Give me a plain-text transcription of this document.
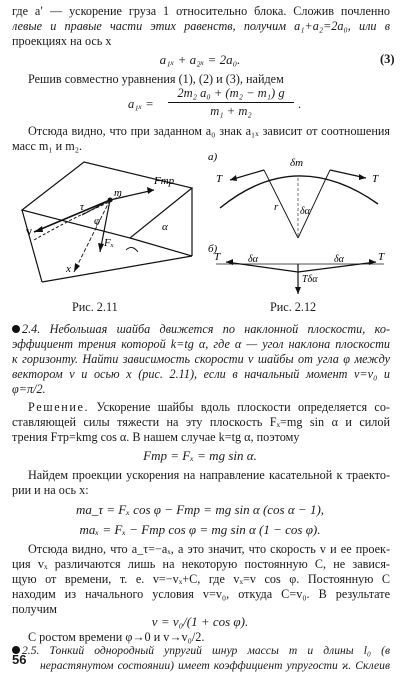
где a′ — ускорение груза 1 относительно блока. Сложив почленно
левые и правые части этих равенств, получим a₁+a₂=2a₀, или в
проекциях на ось x
a₁ₓ + a₂ₓ = 2a₀.	(3)
Решив совместно уравнения (1), (2) и (3), найдем
a₁ₓ =
2m₂ a₀ + (m₂ − m₁) g
m₁ + m₂	.
Отсюда видно, что при заданном a₀ знак a₁ₓ зависит от соотношения
масс m₁ и m₂.
Fтр
m
τ
v
φ
Fₓ
x
α
а)	δm
T	T
r δα
б)
T	T
δα	δα
Tδα
Рис. 2.11	Рис. 2.12
2.4. Небольшая шайба движется по наклонной плоскости, ко-
эффициент трения которой k=tg α, где α — угол наклона плоскости
к горизонту. Найти зависимость скорости v шайбы от угла φ между
вектором v и осью x (рис. 2.11), если в начальный момент v=v₀ и
φ=π/2.
Решение. Ускорение шайбы вдоль плоскости определяется со-
ставляющей силы тяжести на эту плоскость Fₓ=mg sin α и силой
трения Fтр=kmg cos α. В нашем случае k=tg α, поэтому
Fтр = Fₓ = mg sin α.
Найдем проекции ускорения на направление касательной к траекто-
рии и на ось x:
ma_τ = Fₓ cos φ − Fтр = mg sin α (cos α − 1),
maₓ = Fₓ − Fтр cos φ = mg sin α (1 − cos φ).
Отсюда видно, что a_τ=−aₓ, а это значит, что скорость v и ее проек-
ция vₓ различаются лишь на некоторую постоянную C, не завися-
щую от времени, т. е. v=−vₓ+C, где vₓ=v cos φ. Постоянную C
находим из начального условия v=v₀, откуда C=v₀. В результате
получим
v = v₀/(1 + cos φ).
С ростом времени φ→0 и v→v₀/2.
2.5. Тонкий однородный упругий шнур массы m и длины l₀ (в
нерастянутом состоянии) имеет коэффициент упругости ϰ. Склеив
56
